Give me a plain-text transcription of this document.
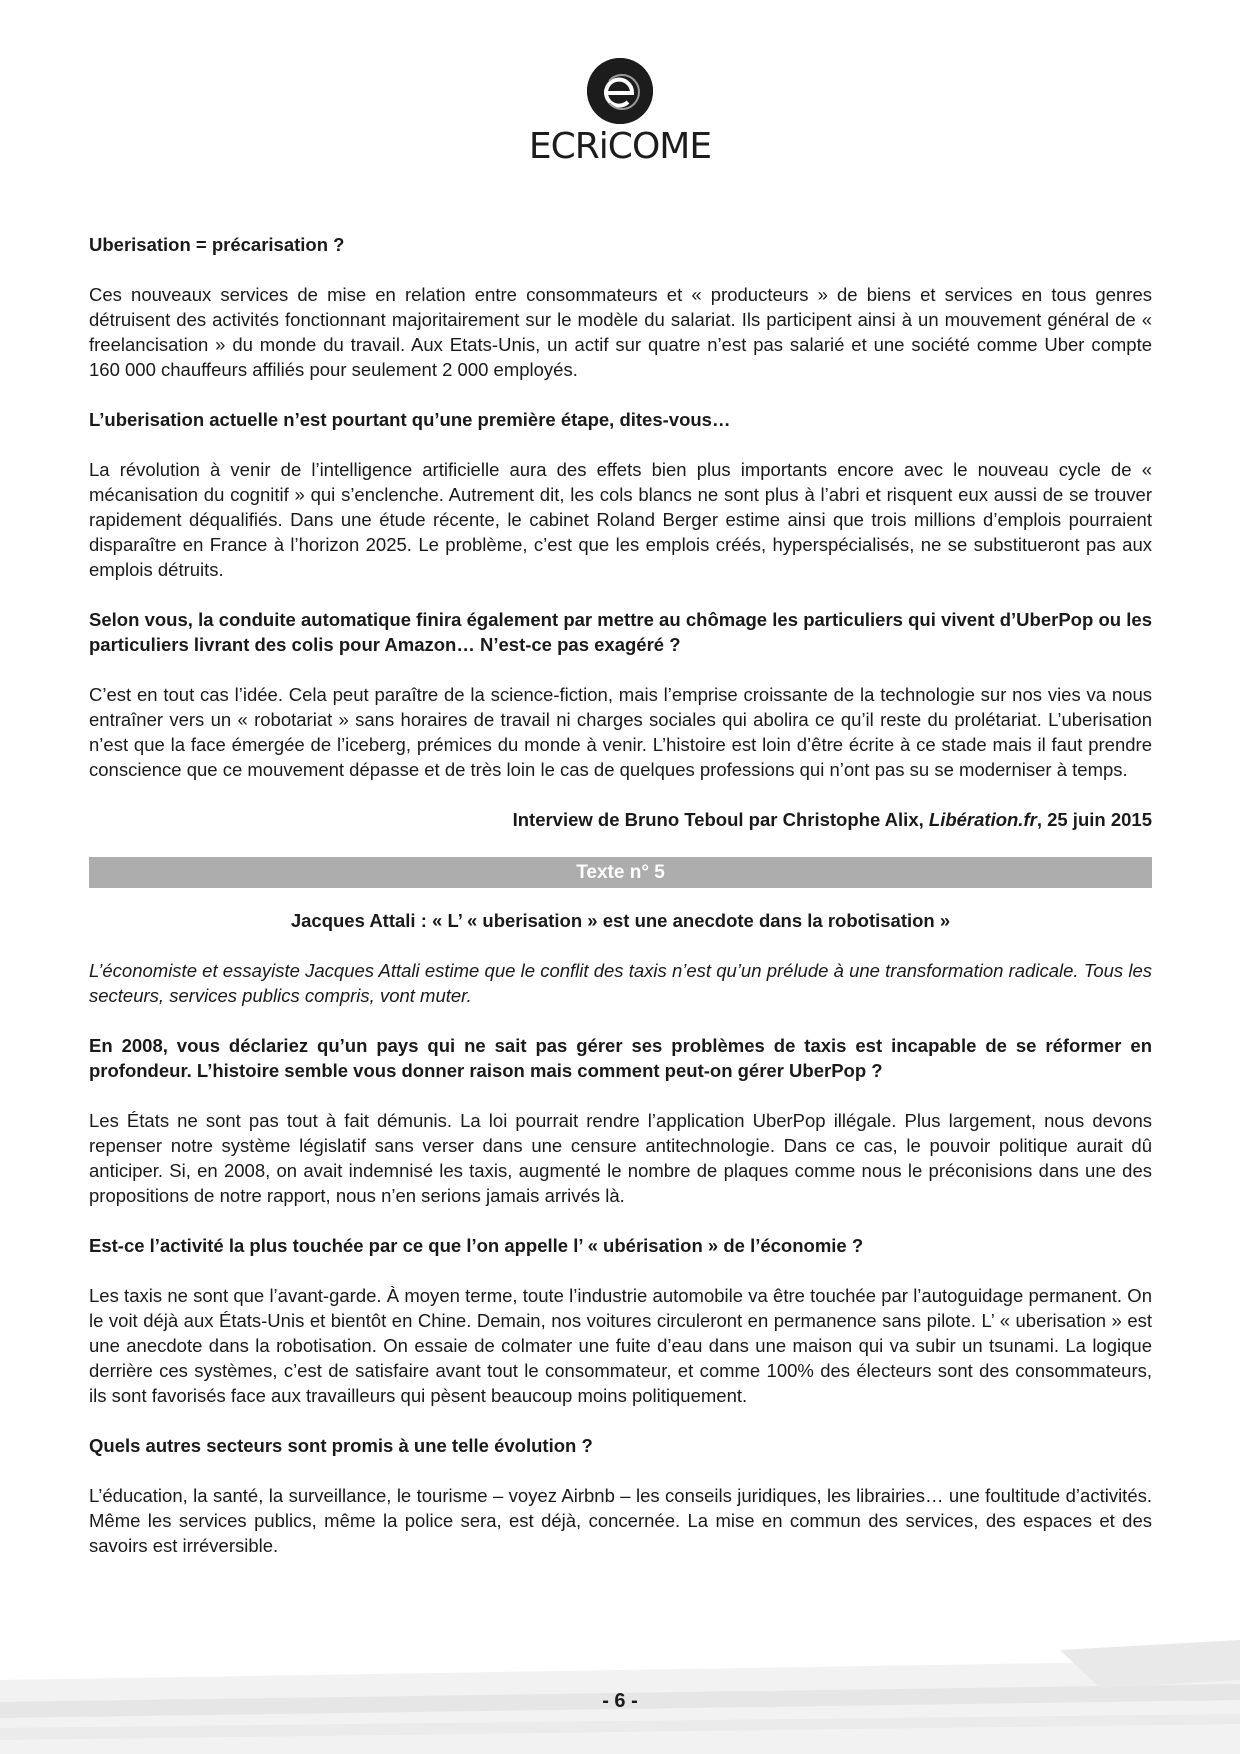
ECRiCOME

Uberisation = précarisation ?

Ces nouveaux services de mise en relation entre consommateurs et « producteurs » de biens et services en tous genres détruisent des activités fonctionnant majoritairement sur le modèle du salariat. Ils participent ainsi à un mouvement général de « freelancisation » du monde du travail. Aux Etats-Unis, un actif sur quatre n’est pas salarié et une société comme Uber compte 160 000 chauffeurs affiliés pour seulement 2 000 employés.

L’uberisation actuelle n’est pourtant qu’une première étape, dites-vous…

La révolution à venir de l’intelligence artificielle aura des effets bien plus importants encore avec le nouveau cycle de « mécanisation du cognitif » qui s’enclenche. Autrement dit, les cols blancs ne sont plus à l’abri et risquent eux aussi de se trouver rapidement déqualifiés. Dans une étude récente, le cabinet Roland Berger estime ainsi que trois millions d’emplois pourraient disparaître en France à l’horizon 2025. Le problème, c’est que les emplois créés, hyperspécialisés, ne se substitueront pas aux emplois détruits.

Selon vous, la conduite automatique finira également par mettre au chômage les particuliers qui vivent d’UberPop ou les particuliers livrant des colis pour Amazon… N’est-ce pas exagéré ?

C’est en tout cas l’idée. Cela peut paraître de la science-fiction, mais l’emprise croissante de la technologie sur nos vies va nous entraîner vers un « robotariat » sans horaires de travail ni charges sociales qui abolira ce qu’il reste du prolétariat. L’uberisation n’est que la face émergée de l’iceberg, prémices du monde à venir. L’histoire est loin d’être écrite à ce stade mais il faut prendre conscience que ce mouvement dépasse et de très loin le cas de quelques professions qui n’ont pas su se moderniser à temps.

Interview de Bruno Teboul par Christophe Alix, Libération.fr, 25 juin 2015

Texte n° 5

Jacques Attali : « L’ « uberisation » est une anecdote dans la robotisation »

L’économiste et essayiste Jacques Attali estime que le conflit des taxis n’est qu’un prélude à une transformation radicale. Tous les secteurs, services publics compris, vont muter.

En 2008, vous déclariez qu’un pays qui ne sait pas gérer ses problèmes de taxis est incapable de se réformer en profondeur. L’histoire semble vous donner raison mais comment peut-on gérer UberPop ?

Les États ne sont pas tout à fait démunis. La loi pourrait rendre l’application UberPop illégale. Plus largement, nous devons repenser notre système législatif sans verser dans une censure antitechnologie. Dans ce cas, le pouvoir politique aurait dû anticiper. Si, en 2008, on avait indemnisé les taxis, augmenté le nombre de plaques comme nous le préconisions dans une des propositions de notre rapport, nous n’en serions jamais arrivés là.

Est-ce l’activité la plus touchée par ce que l’on appelle l’ « ubérisation » de l’économie ?

Les taxis ne sont que l’avant-garde. À moyen terme, toute l’industrie automobile va être touchée par l’autoguidage permanent. On le voit déjà aux États-Unis et bientôt en Chine. Demain, nos voitures circuleront en permanence sans pilote. L’ « uberisation » est une anecdote dans la robotisation. On essaie de colmater une fuite d’eau dans une maison qui va subir un tsunami. La logique derrière ces systèmes, c’est de satisfaire avant tout le consommateur, et comme 100% des électeurs sont des consommateurs, ils sont favorisés face aux travailleurs qui pèsent beaucoup moins politiquement.

Quels autres secteurs sont promis à une telle évolution ?

L’éducation, la santé, la surveillance, le tourisme – voyez Airbnb – les conseils juridiques, les librairies… une foultitude d’activités. Même les services publics, même la police sera, est déjà, concernée. La mise en commun des services, des espaces et des savoirs est irréversible.

- 6 -
